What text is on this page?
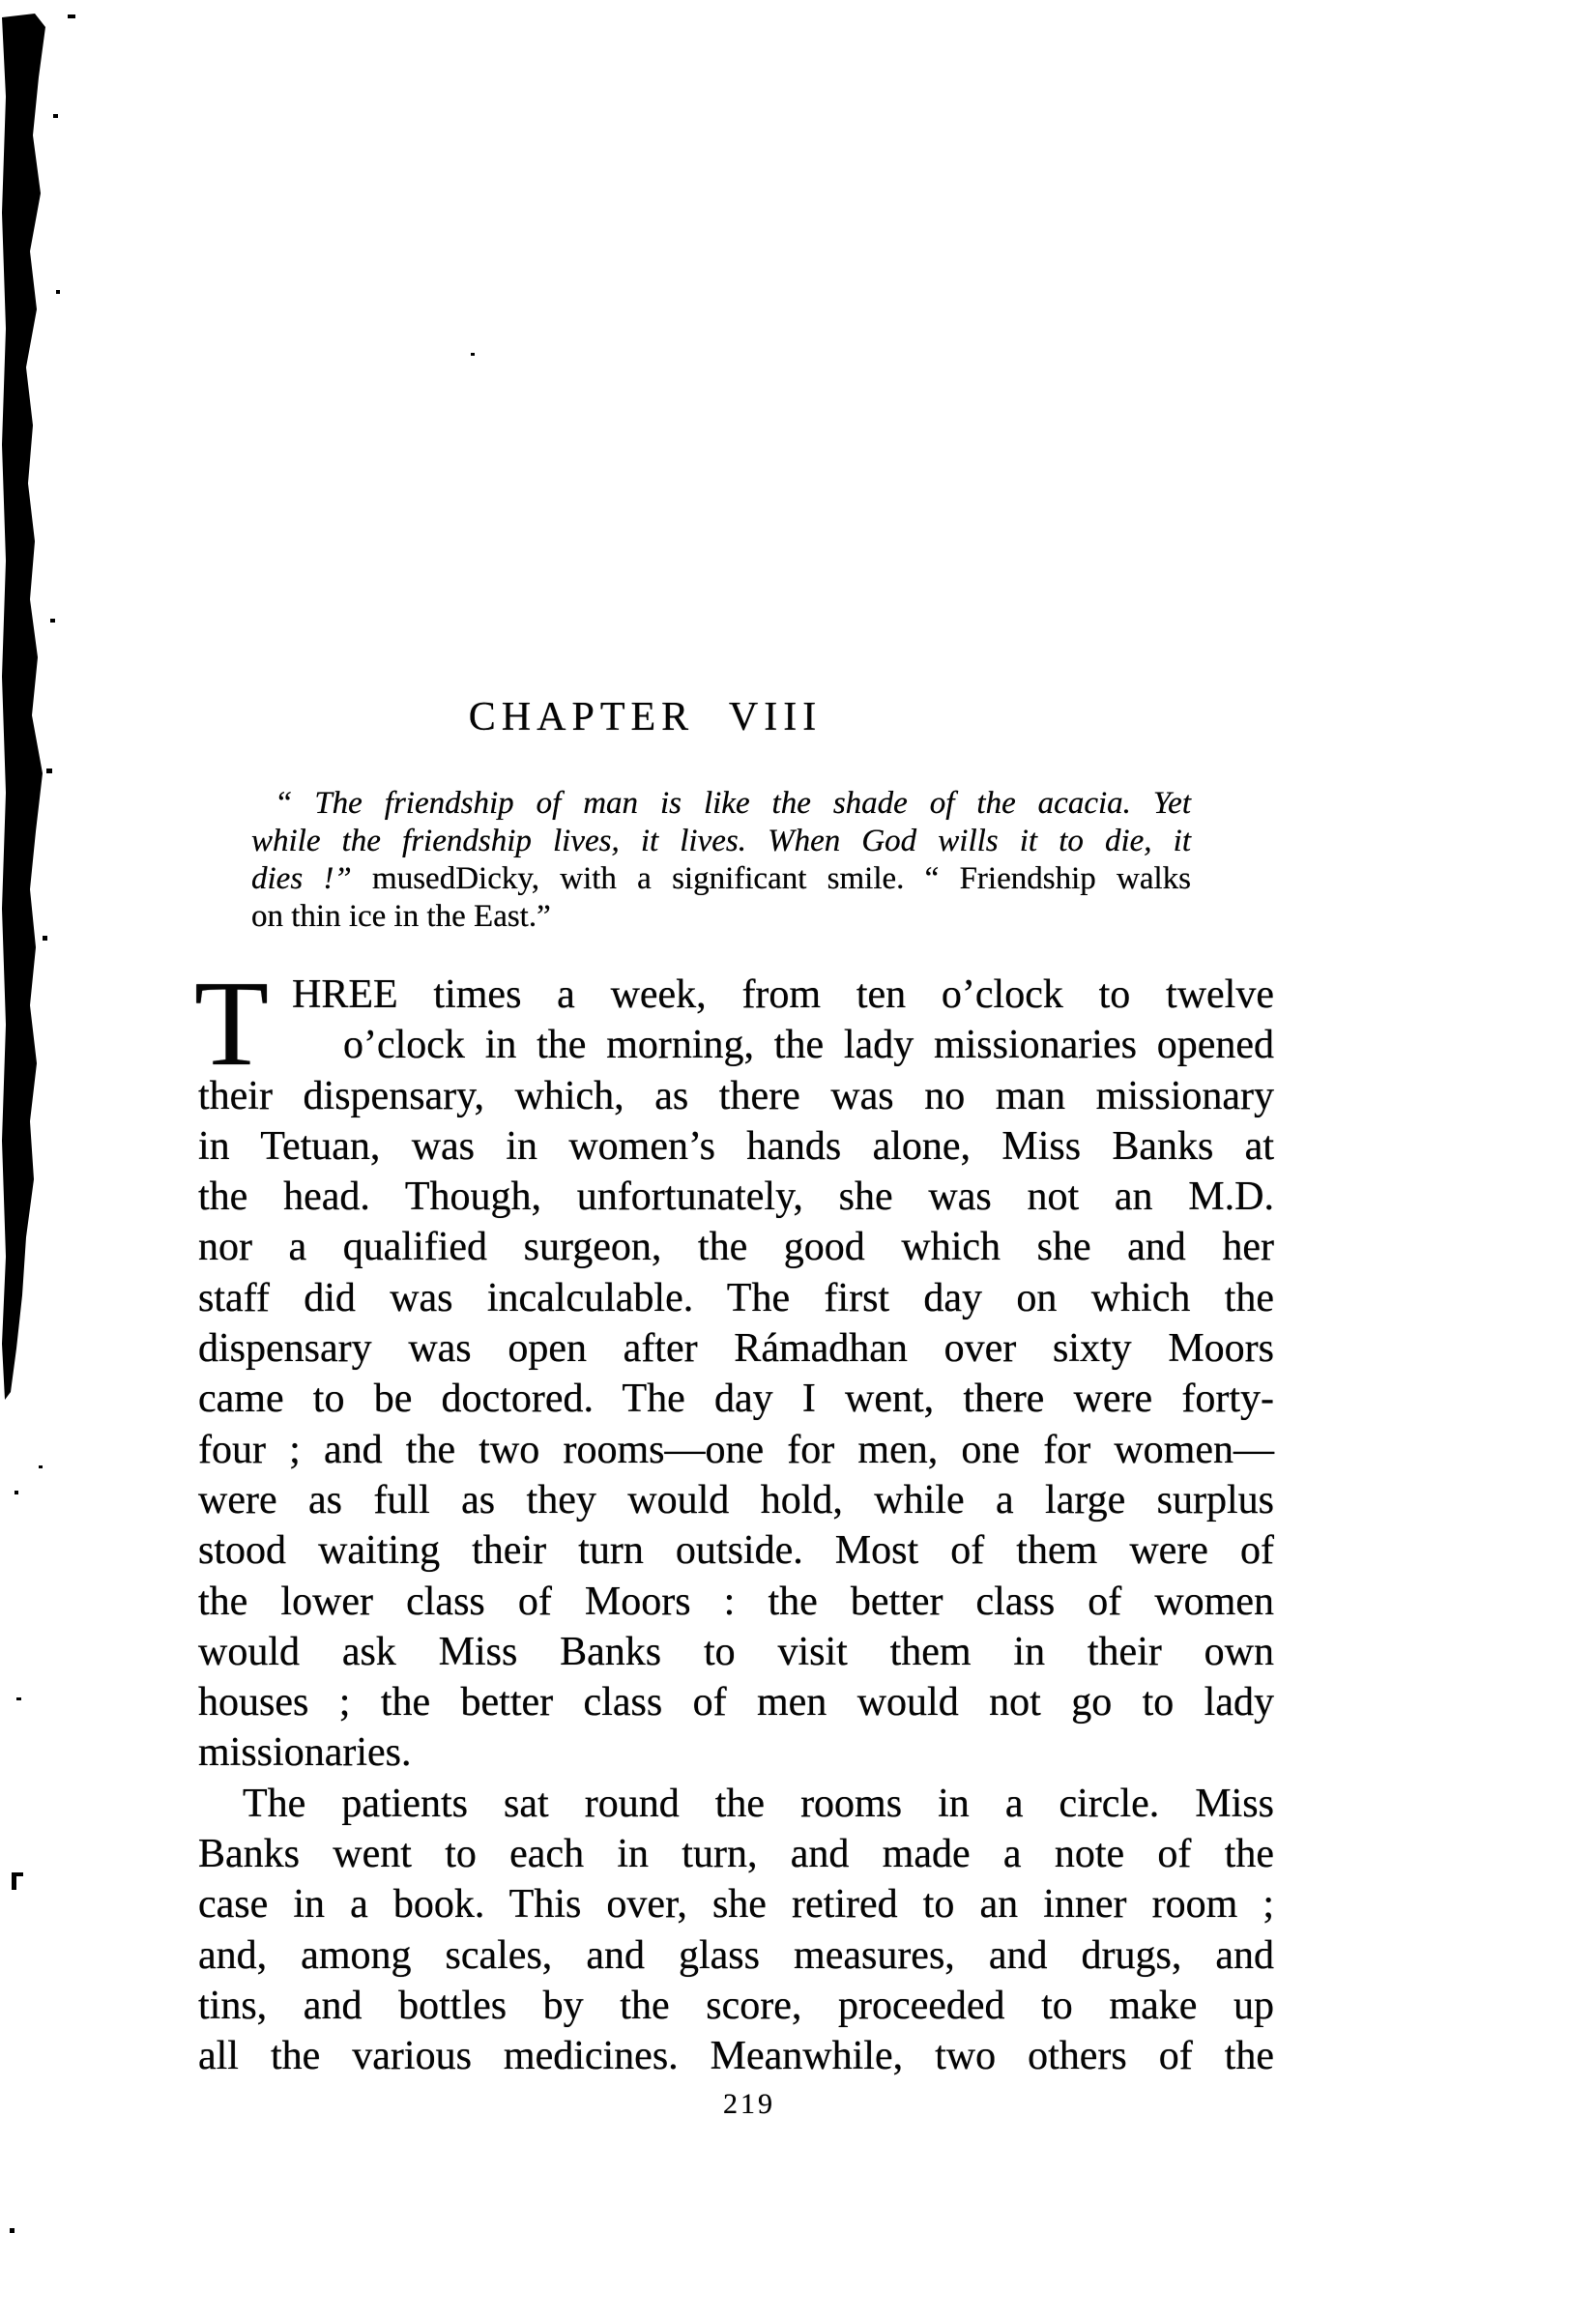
CHAPTER VIII
“ The friendship of man is like the shade of the acacia. Yet
while the friendship lives, it lives. When God wills it to die, it
dies !” musedDicky, with a significant smile. “ Friendship walks
on thin ice in the East.”
T HREE times a week, from ten o’clock to twelve
o’clock in the morning, the lady missionaries opened
their dispensary, which, as there was no man missionary
in Tetuan, was in women’s hands alone, Miss Banks at
the head. Though, unfortunately, she was not an M.D.
nor a qualified surgeon, the good which she and her
staff did was incalculable. The first day on which the
dispensary was open after Rámadhan over sixty Moors
came to be doctored. The day I went, there were forty-
four ; and the two rooms—one for men, one for women—
were as full as they would hold, while a large surplus
stood waiting their turn outside. Most of them were of
the lower class of Moors : the better class of women
would ask Miss Banks to visit them in their own
houses ; the better class of men would not go to lady
missionaries.
The patients sat round the rooms in a circle. Miss
Banks went to each in turn, and made a note of the
case in a book. This over, she retired to an inner room ;
and, among scales, and glass measures, and drugs, and
tins, and bottles by the score, proceeded to make up
all the various medicines. Meanwhile, two others of the
219
